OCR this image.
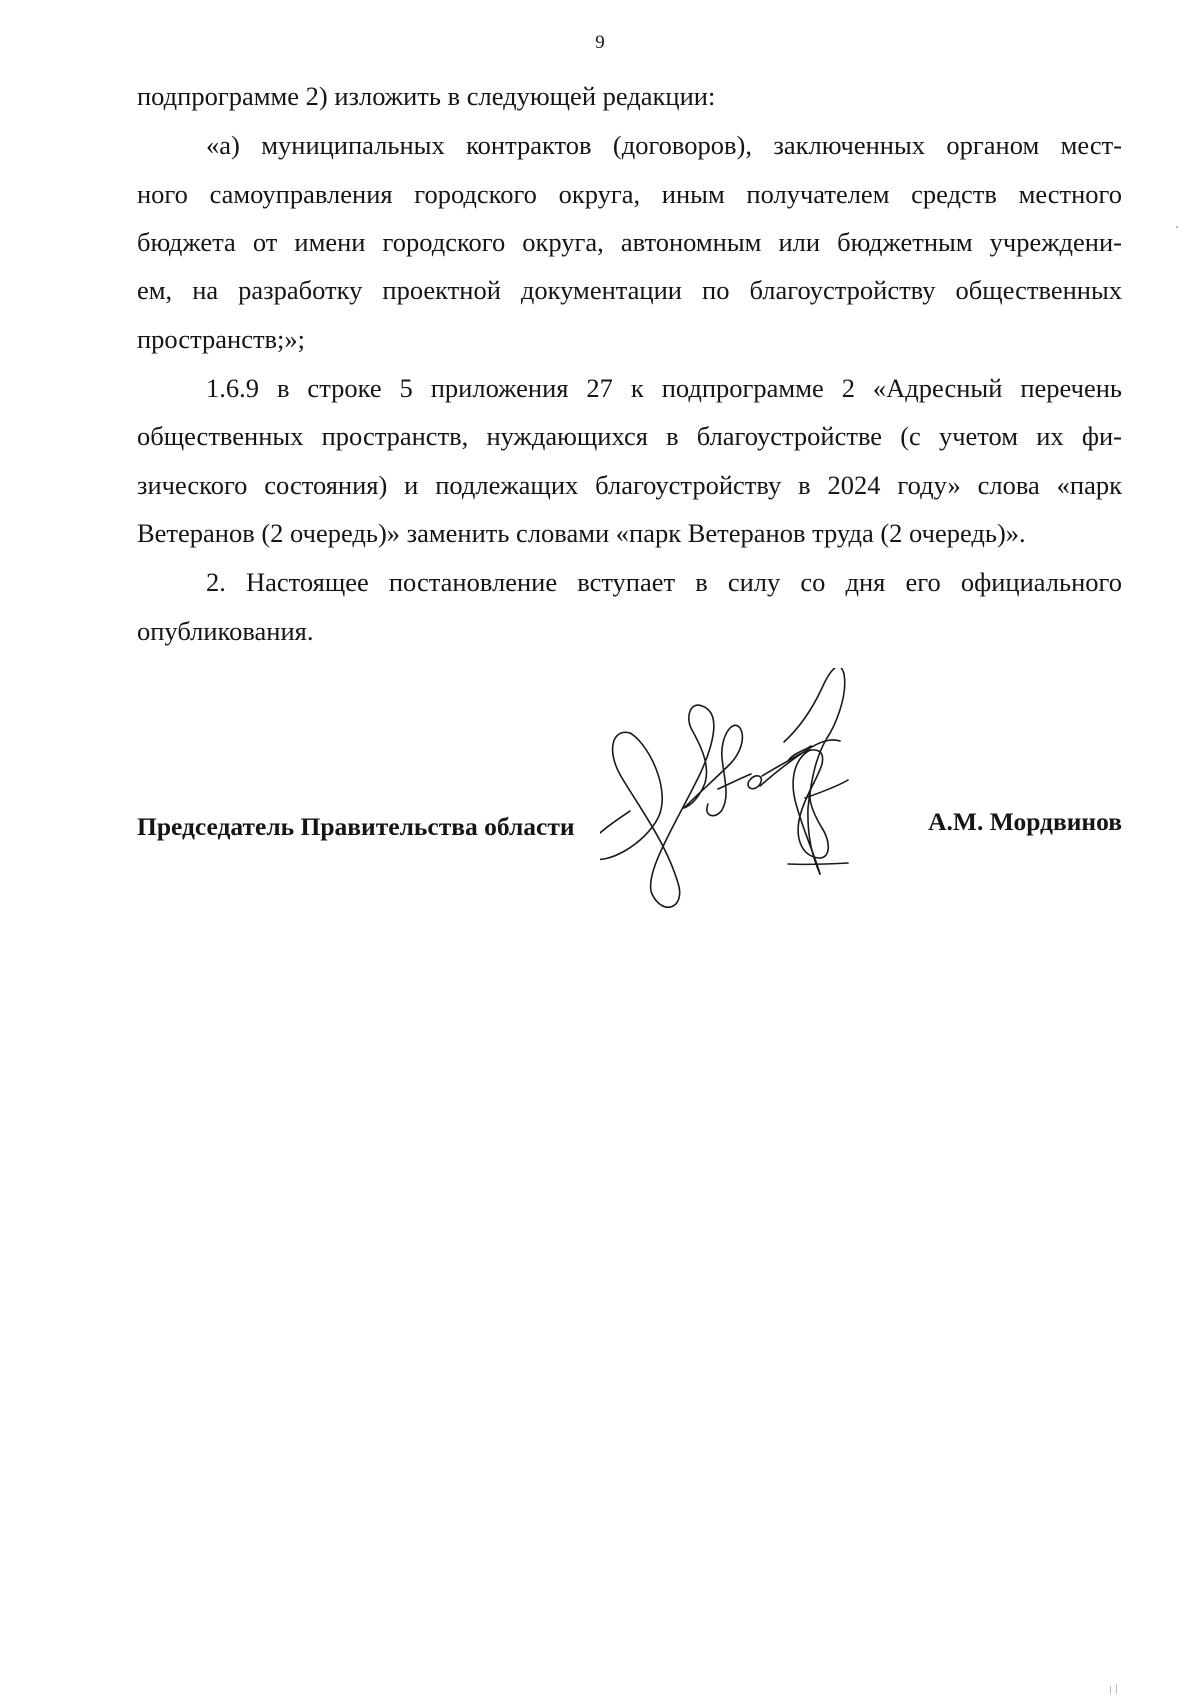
9
подпрограмме 2) изложить в следующей редакции:
«а) муниципальных контрактов (договоров), заключенных органом мест-
ного самоуправления городского округа, иным получателем средств местного
бюджета от имени городского округа, автономным или бюджетным учреждени-
ем, на разработку проектной документации по благоустройству общественных
пространств;»;
1.6.9 в строке 5 приложения 27 к подпрограмме 2 «Адресный перечень
общественных пространств, нуждающихся в благоустройстве (с учетом их фи-
зического состояния) и подлежащих благоустройству в 2024 году» слова «парк
Ветеранов (2 очередь)» заменить словами «парк Ветеранов труда (2 очередь)».
2. Настоящее постановление вступает в силу со дня его официального
опубликования.
Председатель Правительства области	А.М. Мордвинов
